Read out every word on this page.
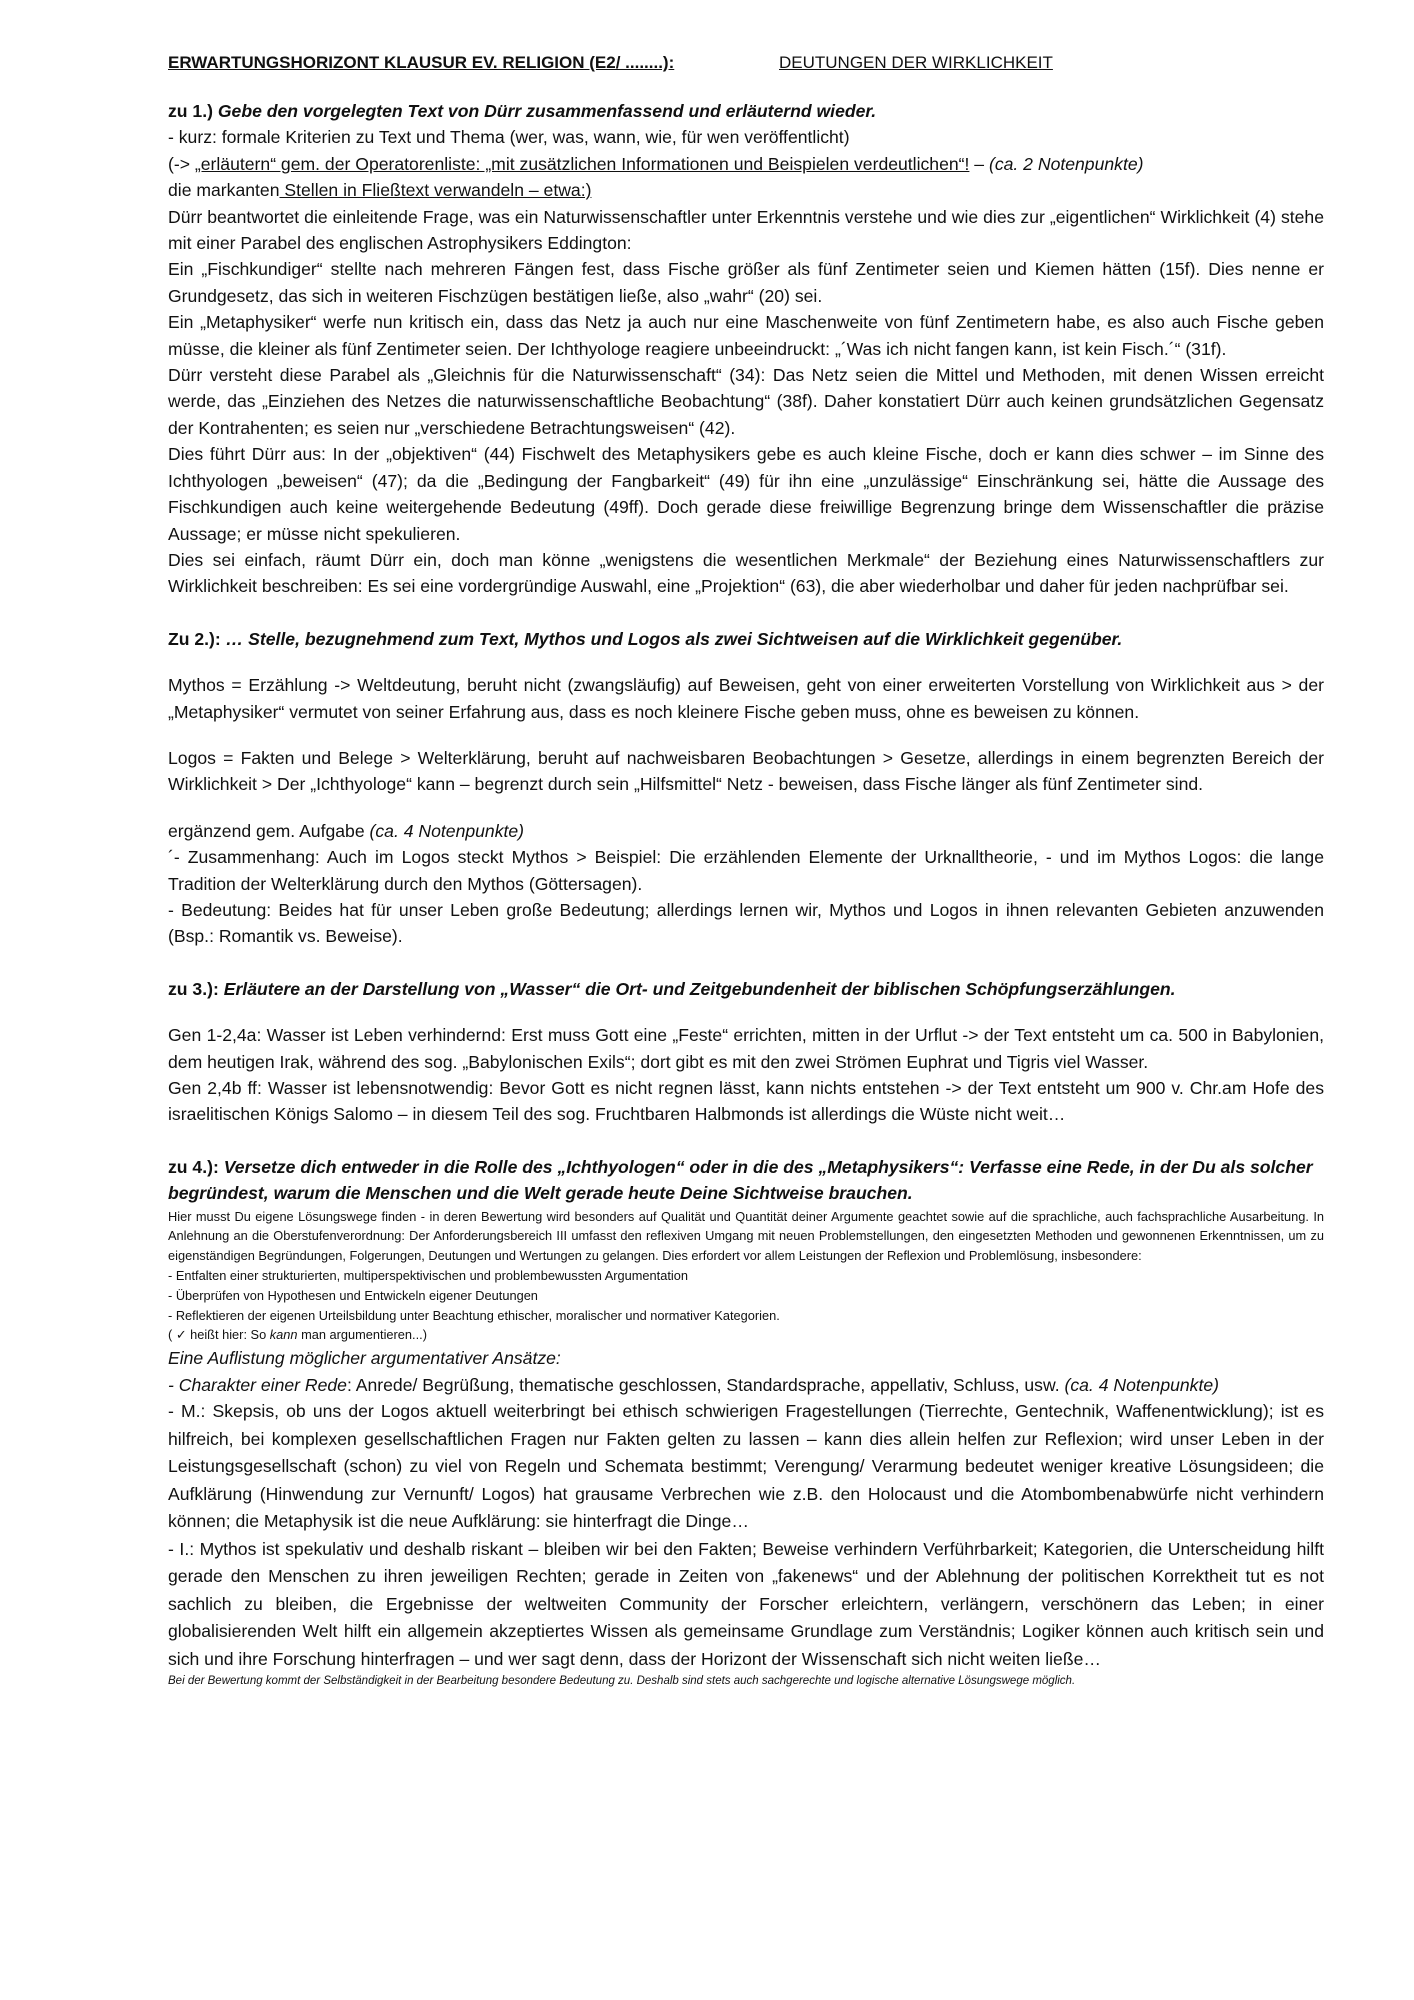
ERWARTUNGSHORIZONT KLAUSUR EV. RELIGION (E2/ ........):	DEUTUNGEN DER WIRKLICHKEIT

zu 1.) Gebe den vorgelegten Text von Dürr zusammenfassend und erläuternd wieder.

- kurz: formale Kriterien zu Text und Thema (wer, was, wann, wie, für wen veröffentlicht)

(-> „erläutern“ gem. der Operatorenliste: „mit zusätzlichen Informationen und Beispielen verdeutlichen“! – (ca. 2 Notenpunkte)

die markanten Stellen in Fließtext verwandeln – etwa:)

Dürr beantwortet die einleitende Frage, was ein Naturwissenschaftler unter Erkenntnis verstehe und wie dies zur „eigentlichen“ Wirklichkeit (4) stehe mit einer Parabel des englischen Astrophysikers Eddington:

Ein „Fischkundiger“ stellte nach mehreren Fängen fest, dass Fische größer als fünf Zentimeter seien und Kiemen hätten (15f). Dies nenne er Grundgesetz, das sich in weiteren Fischzügen bestätigen ließe, also „wahr“ (20) sei.

Ein „Metaphysiker“ werfe nun kritisch ein, dass das Netz ja auch nur eine Maschenweite von fünf Zentimetern habe, es also auch Fische geben müsse, die kleiner als fünf Zentimeter seien. Der Ichthyologe reagiere unbeeindruckt: „´Was ich nicht fangen kann, ist kein Fisch.´“ (31f).

Dürr versteht diese Parabel als „Gleichnis für die Naturwissenschaft“ (34): Das Netz seien die Mittel und Methoden, mit denen Wissen erreicht werde, das „Einziehen des Netzes die naturwissenschaftliche Beobachtung“ (38f). Daher konstatiert Dürr auch keinen grundsätzlichen Gegensatz der Kontrahenten; es seien nur „verschiedene Betrachtungsweisen“ (42).

Dies führt Dürr aus: In der „objektiven“ (44) Fischwelt des Metaphysikers gebe es auch kleine Fische, doch er kann dies schwer – im Sinne des Ichthyologen „beweisen“ (47); da die „Bedingung der Fangbarkeit“ (49) für ihn eine „unzulässige“ Einschränkung sei, hätte die Aussage des Fischkundigen auch keine weitergehende Bedeutung (49ff). Doch gerade diese freiwillige Begrenzung bringe dem Wissenschaftler die präzise Aussage; er müsse nicht spekulieren.

Dies sei einfach, räumt Dürr ein, doch man könne „wenigstens die wesentlichen Merkmale“ der Beziehung eines Naturwissenschaftlers zur Wirklichkeit beschreiben: Es sei eine vordergründige Auswahl, eine „Projektion“ (63), die aber wiederholbar und daher für jeden nachprüfbar sei.

Zu 2.): … Stelle, bezugnehmend zum Text, Mythos und Logos als zwei Sichtweisen auf die Wirklichkeit gegenüber.

Mythos = Erzählung -> Weltdeutung, beruht nicht (zwangsläufig) auf Beweisen, geht von einer erweiterten Vorstellung von Wirklichkeit aus > der „Metaphysiker“ vermutet von seiner Erfahrung aus, dass es noch kleinere Fische geben muss, ohne es beweisen zu können.

Logos = Fakten und Belege > Welterklärung, beruht auf nachweisbaren Beobachtungen > Gesetze, allerdings in einem begrenzten Bereich der Wirklichkeit > Der „Ichthyologe“ kann – begrenzt durch sein „Hilfsmittel“ Netz - beweisen, dass Fische länger als fünf Zentimeter sind.

ergänzend gem. Aufgabe (ca. 4 Notenpunkte)

´- Zusammenhang: Auch im Logos steckt Mythos > Beispiel: Die erzählenden Elemente der Urknalltheorie, - und im Mythos Logos: die lange Tradition der Welterklärung durch den Mythos (Göttersagen).

- Bedeutung: Beides hat für unser Leben große Bedeutung; allerdings lernen wir, Mythos und Logos in ihnen relevanten Gebieten anzuwenden (Bsp.: Romantik vs. Beweise).

zu 3.): Erläutere an der Darstellung von „Wasser“ die Ort- und Zeitgebundenheit der biblischen Schöpfungserzählungen.

Gen 1-2,4a: Wasser ist Leben verhindernd: Erst muss Gott eine „Feste“ errichten, mitten in der Urflut -> der Text entsteht um ca. 500 in Babylonien, dem heutigen Irak, während des sog. „Babylonischen Exils“; dort gibt es mit den zwei Strömen Euphrat und Tigris viel Wasser.

Gen 2,4b ff: Wasser ist lebensnotwendig: Bevor Gott es nicht regnen lässt, kann nichts entstehen -> der Text entsteht um 900 v. Chr.am Hofe des israelitischen Königs Salomo – in diesem Teil des sog. Fruchtbaren Halbmonds ist allerdings die Wüste nicht weit…

zu 4.): Versetze dich entweder in die Rolle des „Ichthyologen“ oder in die des „Metaphysikers“: Verfasse eine Rede, in der Du als solcher begründest, warum die Menschen und die Welt gerade heute Deine Sichtweise brauchen.

Hier musst Du eigene Lösungswege finden - in deren Bewertung wird besonders auf Qualität und Quantität deiner Argumente geachtet sowie auf die sprachliche, auch fachsprachliche Ausarbeitung. In Anlehnung an die Oberstufenverordnung: Der Anforderungsbereich III umfasst den reflexiven Umgang mit neuen Problemstellungen, den eingesetzten Methoden und gewonnenen Erkenntnissen, um zu eigenständigen Begründungen, Folgerungen, Deutungen und Wertungen zu gelangen. Dies erfordert vor allem Leistungen der Reflexion und Problemlösung, insbesondere:

- Entfalten einer strukturierten, multiperspektivischen und problembewussten Argumentation

- Überprüfen von Hypothesen und Entwickeln eigener Deutungen

- Reflektieren der eigenen Urteilsbildung unter Beachtung ethischer, moralischer und normativer Kategorien.

( ✓ heißt hier: So kann man argumentieren...)

Eine Auflistung möglicher argumentativer Ansätze:

- Charakter einer Rede: Anrede/ Begrüßung, thematische geschlossen, Standardsprache, appellativ, Schluss, usw. (ca. 4 Notenpunkte)

- M.: Skepsis, ob uns der Logos aktuell weiterbringt bei ethisch schwierigen Fragestellungen (Tierrechte, Gentechnik, Waffenentwicklung); ist es hilfreich, bei komplexen gesellschaftlichen Fragen nur Fakten gelten zu lassen – kann dies allein helfen zur Reflexion; wird unser Leben in der Leistungsgesellschaft (schon) zu viel von Regeln und Schemata bestimmt; Verengung/ Verarmung bedeutet weniger kreative Lösungsideen; die Aufklärung (Hinwendung zur Vernunft/ Logos) hat grausame Verbrechen wie z.B. den Holocaust und die Atombombenabwürfe nicht verhindern können; die Metaphysik ist die neue Aufklärung: sie hinterfragt die Dinge…

- I.: Mythos ist spekulativ und deshalb riskant – bleiben wir bei den Fakten; Beweise verhindern Verführbarkeit; Kategorien, die Unterscheidung hilft gerade den Menschen zu ihren jeweiligen Rechten; gerade in Zeiten von „fakenews“ und der Ablehnung der politischen Korrektheit tut es not sachlich zu bleiben, die Ergebnisse der weltweiten Community der Forscher erleichtern, verlängern, verschönern das Leben; in einer globalisierenden Welt hilft ein allgemein akzeptiertes Wissen als gemeinsame Grundlage zum Verständnis; Logiker können auch kritisch sein und sich und ihre Forschung hinterfragen – und wer sagt denn, dass der Horizont der Wissenschaft sich nicht weiten ließe…

Bei der Bewertung kommt der Selbständigkeit in der Bearbeitung besondere Bedeutung zu. Deshalb sind stets auch sachgerechte und logische alternative Lösungswege möglich.
